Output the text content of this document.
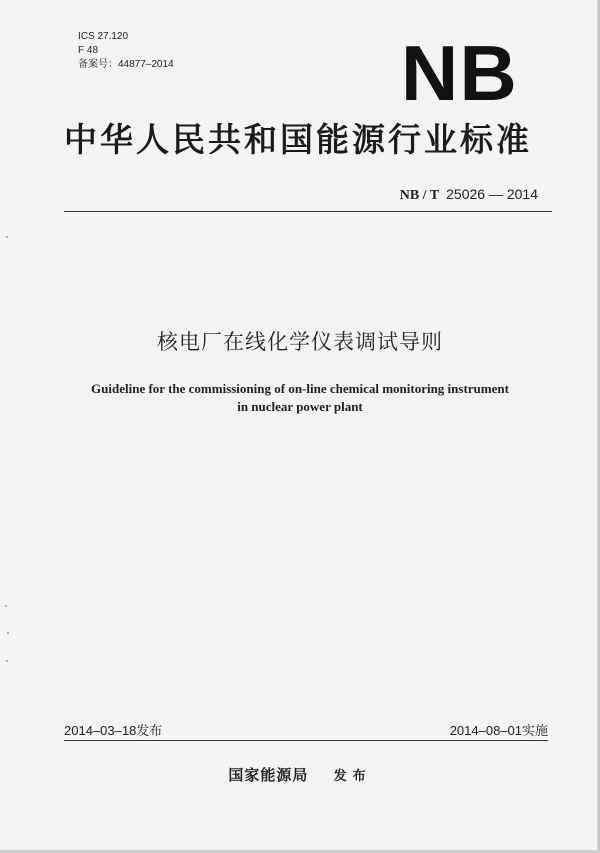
ICS 27.120
F 48
备案号：44877–2014	NB
中华人民共和国能源行业标准
NB / T 25026 — 2014
核电厂在线化学仪表调试导则
Guideline for the commissioning of on-line chemical monitoring instrument
in nuclear power plant
2014–03–18发布	2014–08–01实施
国家能源局 发布
